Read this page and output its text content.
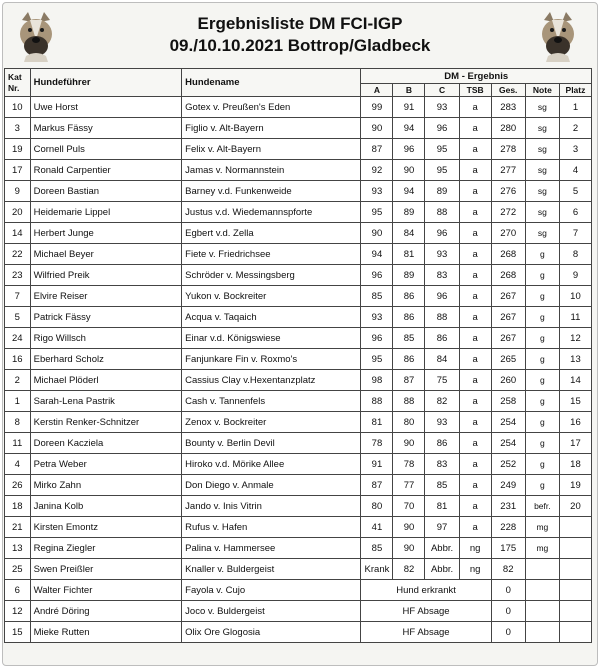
Ergebnisliste DM FCI-IGP
09./10.10.2021 Bottrop/Gladbeck
Kat
Nr.	Hundeführer	Hundename	DM - Ergebnis						
			A	B	C	TSB	Ges.	Note	Platz
10	Uwe Horst	Gotex v. Preußen's Eden	99	91	93	a	283	sg	1
3	Markus Fässy	Figlio v. Alt-Bayern	90	94	96	a	280	sg	2
19	Cornell Puls	Felix v. Alt-Bayern	87	96	95	a	278	sg	3
17	Ronald Carpentier	Jamas v. Normannstein	92	90	95	a	277	sg	4
9	Doreen Bastian	Barney v.d. Funkenweide	93	94	89	a	276	sg	5
20	Heidemarie Lippel	Justus v.d. Wiedemannspforte	95	89	88	a	272	sg	6
14	Herbert Junge	Egbert v.d. Zella	90	84	96	a	270	sg	7
22	Michael Beyer	Fiete v. Friedrichsee	94	81	93	a	268	g	8
23	Wilfried Preik	Schröder v. Messingsberg	96	89	83	a	268	g	9
7	Elvire Reiser	Yukon v. Bockreiter	85	86	96	a	267	g	10
5	Patrick Fässy	Acqua v. Taqaich	93	86	88	a	267	g	11
24	Rigo Willsch	Einar v.d. Königswiese	96	85	86	a	267	g	12
16	Eberhard Scholz	Fanjunkare Fin v. Roxmo's	95	86	84	a	265	g	13
2	Michael Plöderl	Cassius Clay v.Hexentanzplatz	98	87	75	a	260	g	14
1	Sarah-Lena Pastrik	Cash v. Tannenfels	88	88	82	a	258	g	15
8	Kerstin Renker-Schnitzer	Zenox v. Bockreiter	81	80	93	a	254	g	16
11	Doreen Kacziela	Bounty v. Berlin Devil	78	90	86	a	254	g	17
4	Petra Weber	Hiroko v.d. Mörike Allee	91	78	83	a	252	g	18
26	Mirko Zahn	Don Diego v. Anmale	87	77	85	a	249	g	19
18	Janina Kolb	Jando v. Inis Vitrin	80	70	81	a	231	befr.	20
21	Kirsten Emontz	Rufus v. Hafen	41	90	97	a	228	mg	
13	Regina Ziegler	Palina v. Hammersee	85	90	Abbr.	ng	175	mg	
25	Swen Preißler	Knaller v. Buldergeist	Krank	82	Abbr.	ng	82		
6	Walter Fichter	Fayola v. Cujo	Hund erkrankt				0		
12	André Döring	Joco v. Buldergeist	HF Absage				0		
15	Mieke Rutten	Olix Ore Glogosia	HF Absage				0		
